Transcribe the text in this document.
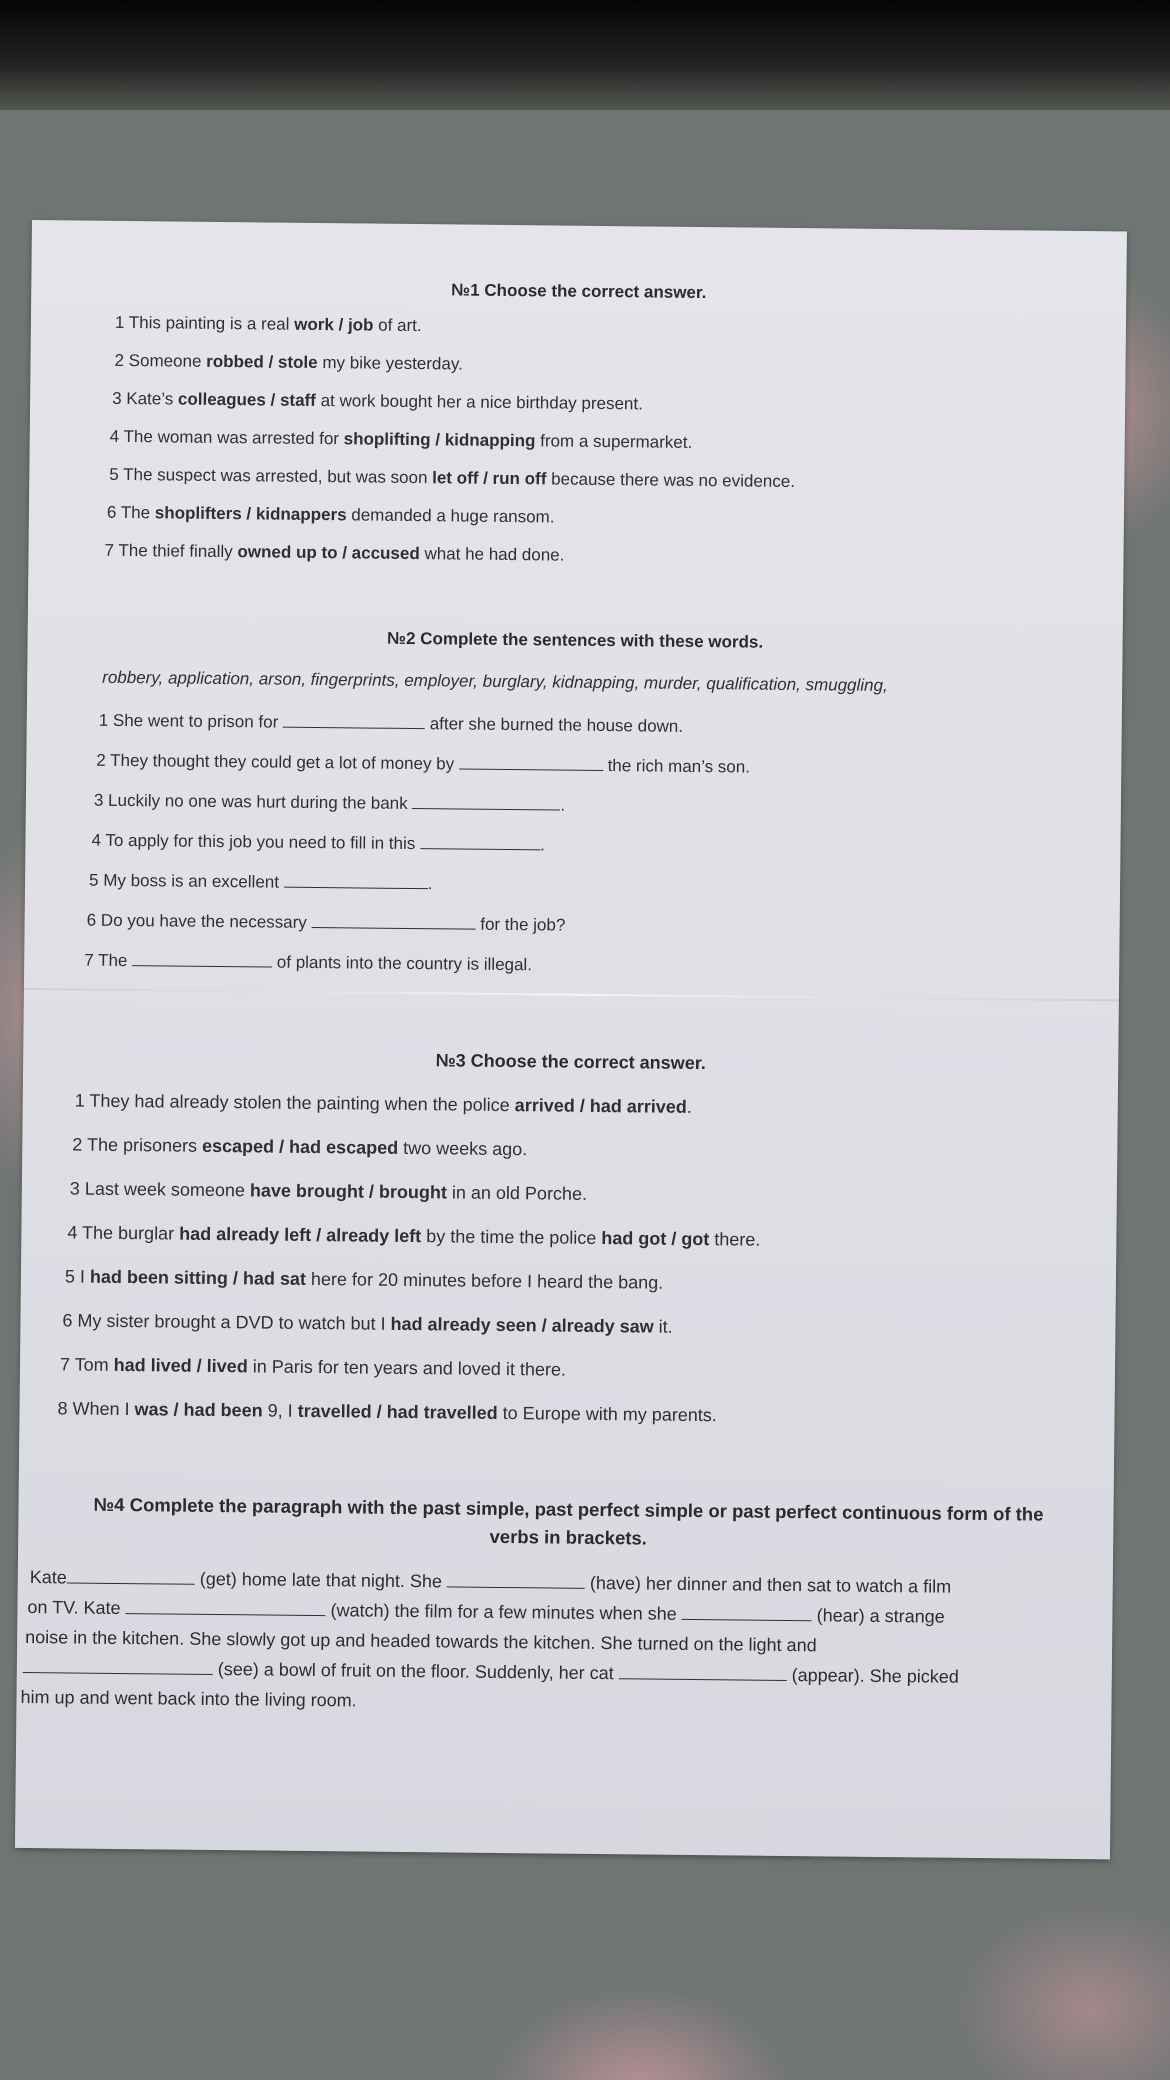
№1 Choose the correct answer.
1 This painting is a real work / job of art.
2 Someone robbed / stole my bike yesterday.
3 Kate’s colleagues / staff at work bought her a nice birthday present.
4 The woman was arrested for shoplifting / kidnapping from a supermarket.
5 The suspect was arrested, but was soon let off / run off because there was no evidence.
6 The shoplifters / kidnappers demanded a huge ransom.
7 The thief finally owned up to / accused what he had done.
№2 Complete the sentences with these words.
robbery, application, arson, fingerprints, employer, burglary, kidnapping, murder, qualification, smuggling,
1 She went to prison for	after she burned the house down.
2 They thought they could get a lot of money by	the rich man’s son.
3 Luckily no one was hurt during the bank	.
4 To apply for this job you need to fill in this	.
5 My boss is an excellent	.
6 Do you have the necessary	for the job?
7 The	of plants into the country is illegal.
№3 Choose the correct answer.
1 They had already stolen the painting when the police arrived / had arrived.
2 The prisoners escaped / had escaped two weeks ago.
3 Last week someone have brought / brought in an old Porche.
4 The burglar had already left / already left by the time the police had got / got there.
5 I had been sitting / had sat here for 20 minutes before I heard the bang.
6 My sister brought a DVD to watch but I had already seen / already saw it.
7 Tom had lived / lived in Paris for ten years and loved it there.
8 When I was / had been 9, I travelled / had travelled to Europe with my parents.
№4 Complete the paragraph with the past simple, past perfect simple or past perfect continuous form of the
verbs in brackets.
Kate	(get) home late that night. She	(have) her dinner and then sat to watch a film
on TV. Kate	(watch) the film for a few minutes when she	(hear) a strange
noise in the kitchen. She slowly got up and headed towards the kitchen. She turned on the light and
(see) a bowl of fruit on the floor. Suddenly, her cat	(appear). She picked
him up and went back into the living room.
